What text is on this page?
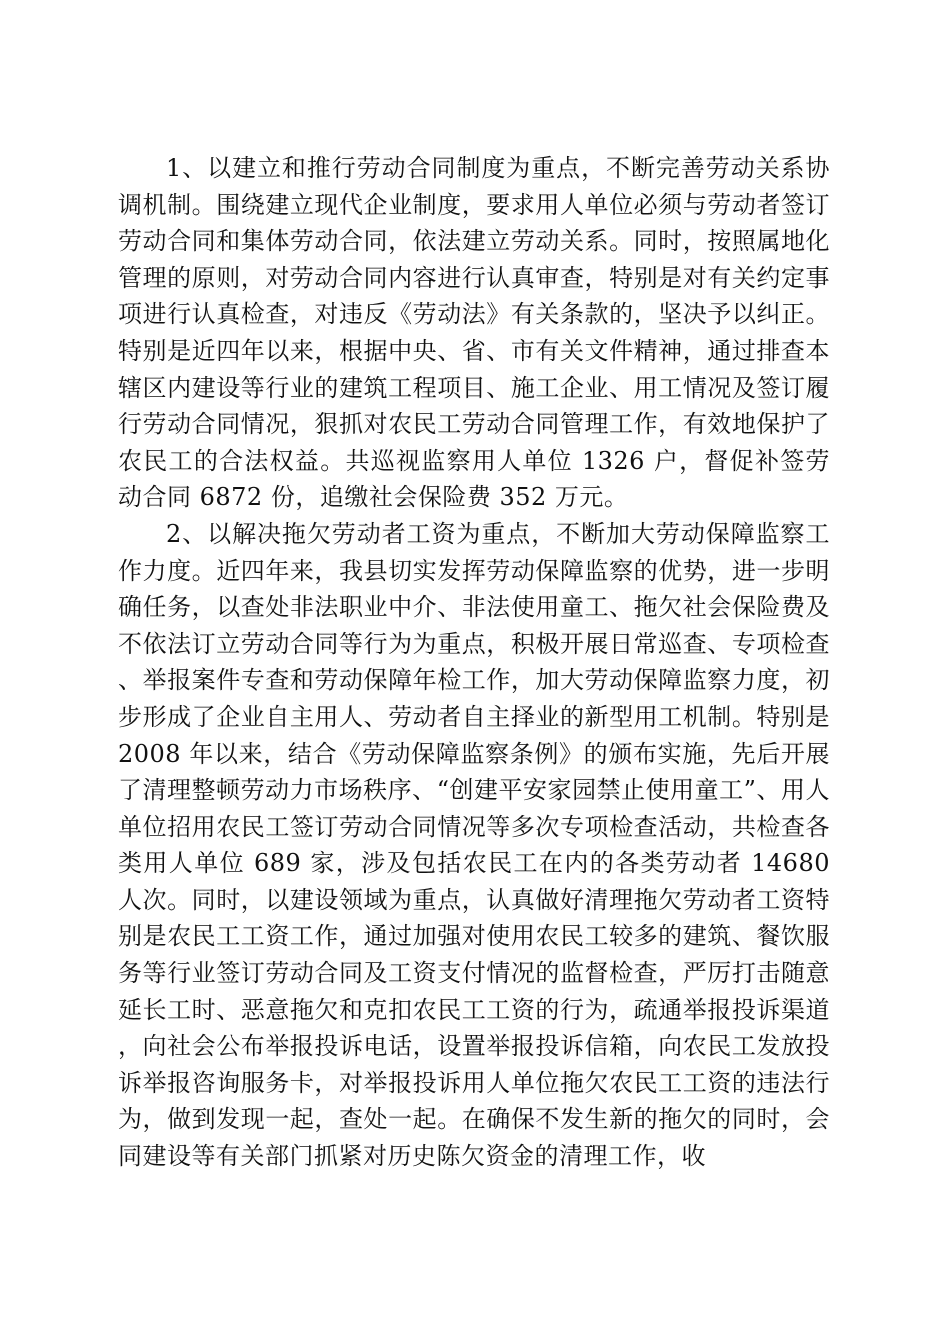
1、以建立和推行劳动合同制度为重点，不断完善劳动关系协调机制。围绕建立现代企业制度，要求用人单位必须与劳动者签订劳动合同和集体劳动合同，依法建立劳动关系。同时，按照属地化管理的原则，对劳动合同内容进行认真审查，特别是对有关约定事项进行认真检查，对违反《劳动法》有关条款的，坚决予以纠正。特别是近四年以来，根据中央、省、市有关文件精神，通过排查本辖区内建设等行业的建筑工程项目、施工企业、用工情况及签订履行劳动合同情况，狠抓对农民工劳动合同管理工作，有效地保护了农民工的合法权益。共巡视监察用人单位 1326 户，督促补签劳动合同 6872 份，追缴社会保险费 352 万元。

2、以解决拖欠劳动者工资为重点，不断加大劳动保障监察工作力度。近四年来，我县切实发挥劳动保障监察的优势，进一步明确任务，以查处非法职业中介、非法使用童工、拖欠社会保险费及不依法订立劳动合同等行为为重点，积极开展日常巡查、专项检查、举报案件专查和劳动保障年检工作，加大劳动保障监察力度，初步形成了企业自主用人、劳动者自主择业的新型用工机制。特别是 2008 年以来，结合《劳动保障监察条例》的颁布实施，先后开展了清理整顿劳动力市场秩序、“创建平安家园禁止使用童工”、用人单位招用农民工签订劳动合同情况等多次专项检查活动，共检查各类用人单位 689 家，涉及包括农民工在内的各类劳动者 14680 人次。同时，以建设领域为重点，认真做好清理拖欠劳动者工资特别是农民工工资工作，通过加强对使用农民工较多的建筑、餐饮服务等行业签订劳动合同及工资支付情况的监督检查，严厉打击随意延长工时、恶意拖欠和克扣农民工工资的行为，疏通举报投诉渠道，向社会公布举报投诉电话，设置举报投诉信箱，向农民工发放投诉举报咨询服务卡，对举报投诉用人单位拖欠农民工工资的违法行为，做到发现一起，查处一起。在确保不发生新的拖欠的同时，会同建设等有关部门抓紧对历史陈欠资金的清理工作，收
